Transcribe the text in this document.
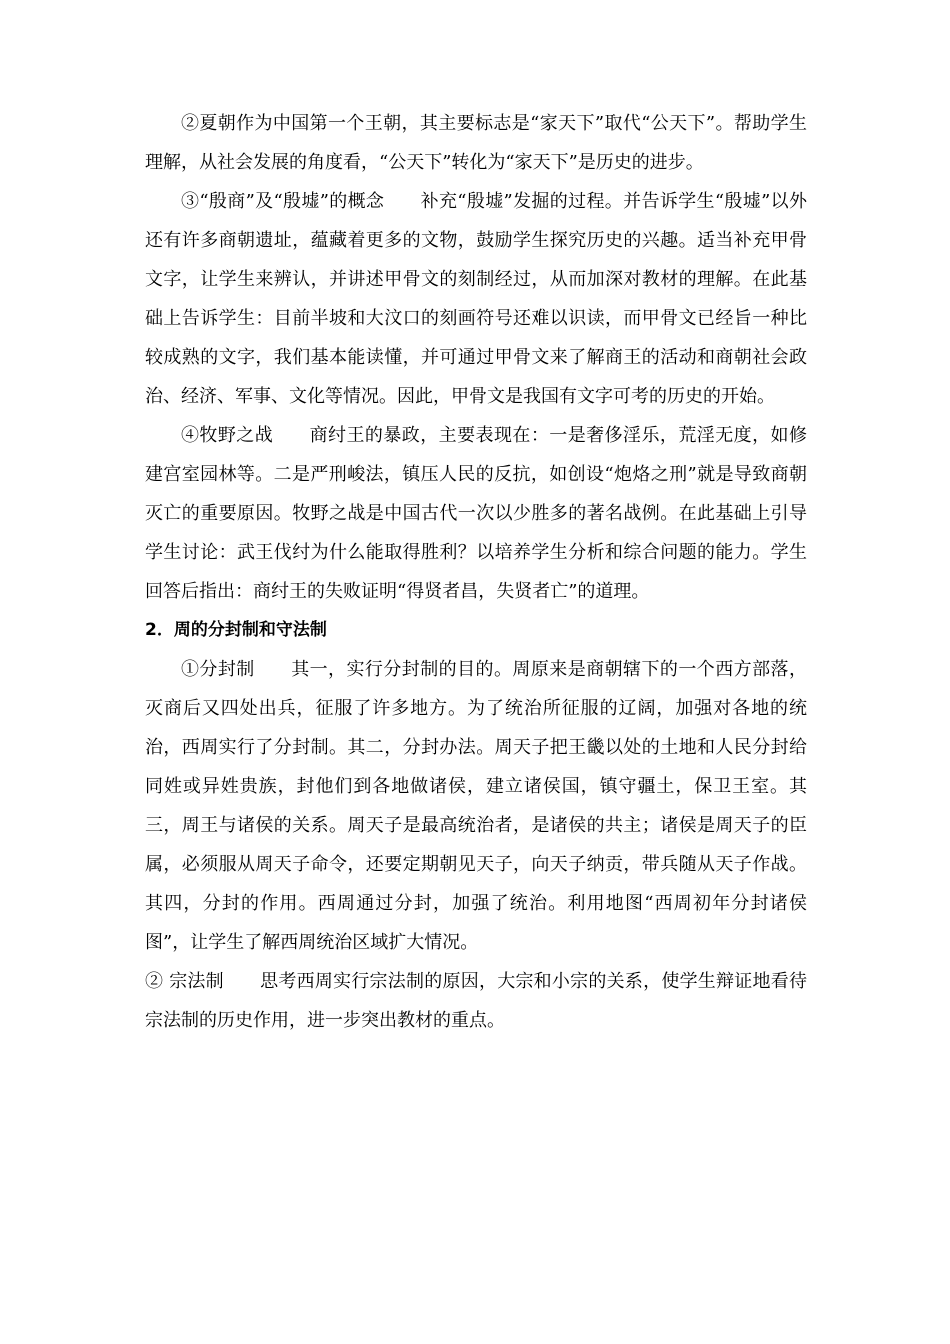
②夏朝作为中国第一个王朝，其主要标志是“家天下”取代“公天下”。帮助学生理解，从社会发展的角度看，“公天下”转化为“家天下”是历史的进步。

③“殷商”及“殷墟”的概念 补充“殷墟”发掘的过程。并告诉学生“殷墟”以外还有许多商朝遗址，蕴藏着更多的文物，鼓励学生探究历史的兴趣。适当补充甲骨文字，让学生来辨认，并讲述甲骨文的刻制经过，从而加深对教材的理解。在此基础上告诉学生：目前半坡和大汶口的刻画符号还难以识读，而甲骨文已经旨一种比较成熟的文字，我们基本能读懂，并可通过甲骨文来了解商王的活动和商朝社会政治、经济、军事、文化等情况。因此，甲骨文是我国有文字可考的历史的开始。

④牧野之战 商纣王的暴政，主要表现在：一是奢侈淫乐，荒淫无度，如修建宫室园林等。二是严刑峻法，镇压人民的反抗，如创设“炮烙之刑”就是导致商朝灭亡的重要原因。牧野之战是中国古代一次以少胜多的著名战例。在此基础上引导学生讨论：武王伐纣为什么能取得胜利？以培养学生分析和综合问题的能力。学生回答后指出：商纣王的失败证明“得贤者昌，失贤者亡”的道理。

2．周的分封制和守法制

①分封制 其一，实行分封制的目的。周原来是商朝辖下的一个西方部落，灭商后又四处出兵，征服了许多地方。为了统治所征服的辽阔，加强对各地的统治，西周实行了分封制。其二，分封办法。周天子把王畿以处的土地和人民分封给同姓或异姓贵族，封他们到各地做诸侯，建立诸侯国，镇守疆土，保卫王室。其三，周王与诸侯的关系。周天子是最高统治者，是诸侯的共主；诸侯是周天子的臣属，必须服从周天子命令，还要定期朝见天子，向天子纳贡，带兵随从天子作战。其四，分封的作用。西周通过分封，加强了统治。利用地图“西周初年分封诸侯图”，让学生了解西周统治区域扩大情况。

② 宗法制 思考西周实行宗法制的原因，大宗和小宗的关系，使学生辩证地看待宗法制的历史作用，进一步突出教材的重点。
